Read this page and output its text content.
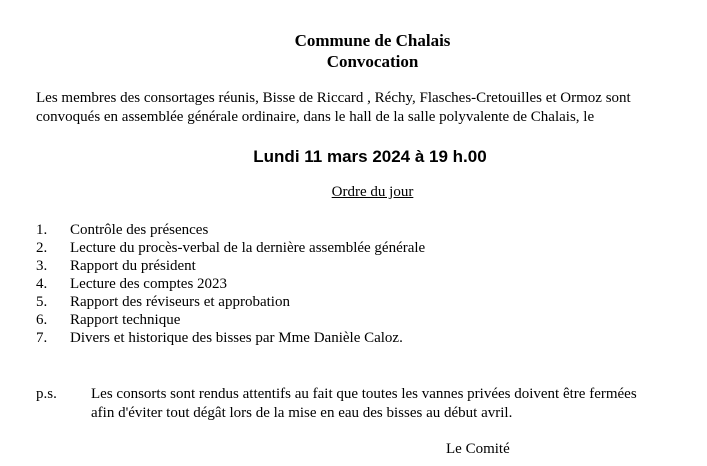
Commune de Chalais
Convocation
Les membres des consortages réunis, Bisse de Riccard , Réchy, Flasches-Cretouilles et Ormoz sont
convoqués en assemblée générale ordinaire, dans le hall de la salle polyvalente de Chalais, le
Lundi 11 mars 2024 à 19 h.00
Ordre du jour
1. Contrôle des présences
2. Lecture du procès-verbal de la dernière assemblée générale
3. Rapport du président
4. Lecture des comptes 2023
5. Rapport des réviseurs et approbation
6. Rapport technique
7. Divers et historique des bisses par Mme Danièle Caloz.
p.s. Les consorts sont rendus attentifs au fait que toutes les vannes privées doivent être fermées
afin d'éviter tout dégât lors de la mise en eau des bisses au début avril.
Le Comité
